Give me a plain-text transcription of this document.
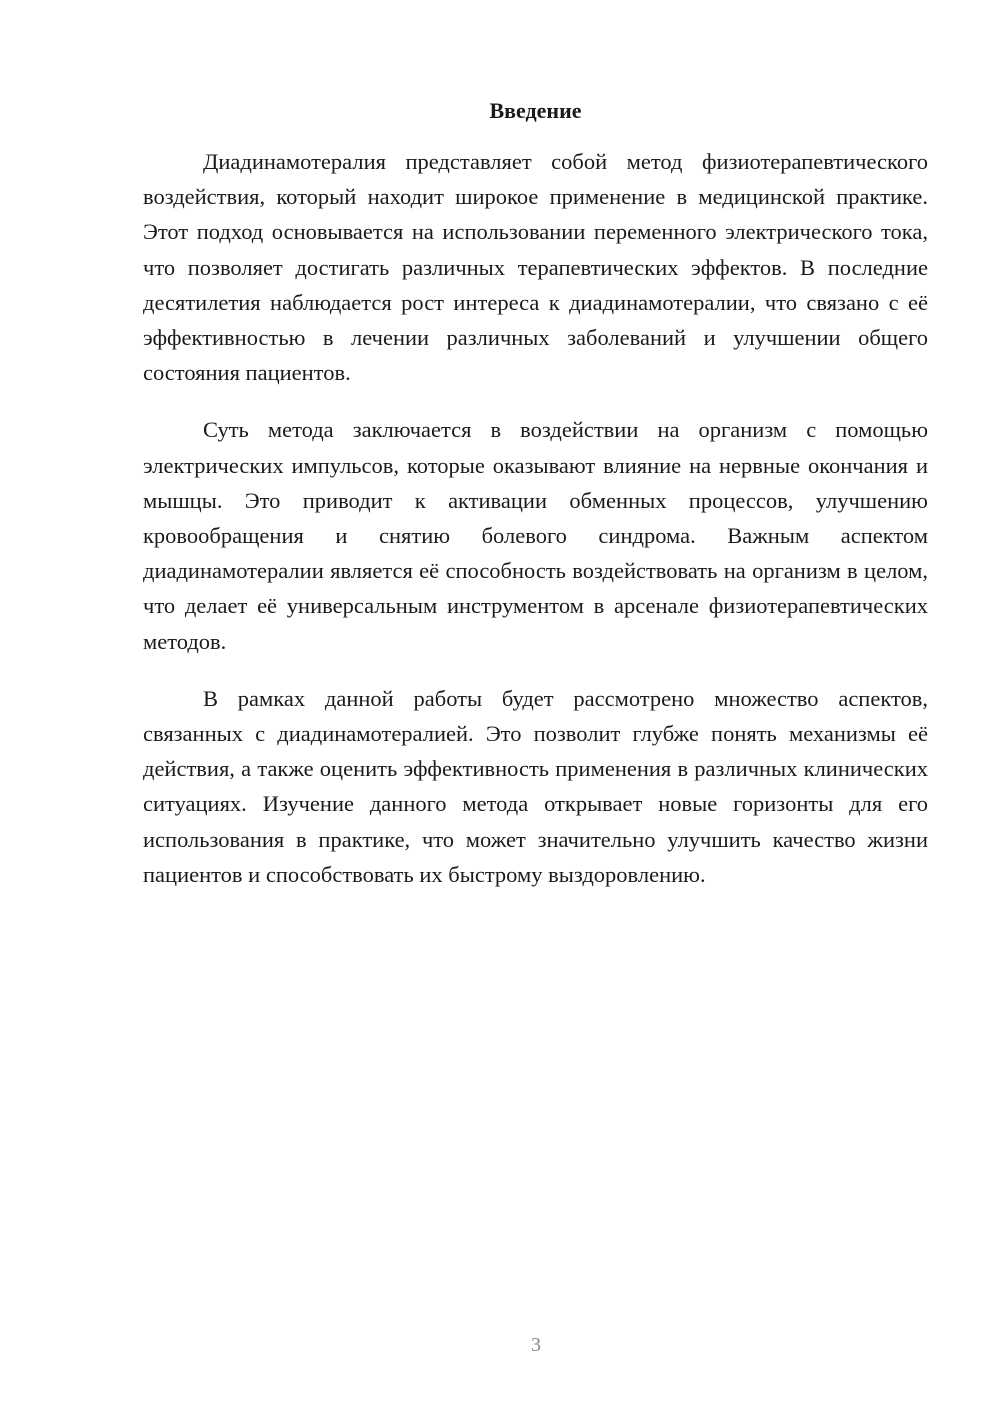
Введение

Диадинамотералия представляет собой метод физиотерапевтического воздействия, который находит широкое применение в медицинской практике. Этот подход основывается на использовании переменного электрического тока, что позволяет достигать различных терапевтических эффектов. В последние десятилетия наблюдается рост интереса к диадинамотералии, что связано с её эффективностью в лечении различных заболеваний и улучшении общего состояния пациентов.

Суть метода заключается в воздействии на организм с помощью электрических импульсов, которые оказывают влияние на нервные окончания и мышцы. Это приводит к активации обменных процессов, улучшению кровообращения и снятию болевого синдрома. Важным аспектом диадинамотералии является её способность воздействовать на организм в целом, что делает её универсальным инструментом в арсенале физиотерапевтических методов.

В рамках данной работы будет рассмотрено множество аспектов, связанных с диадинамотералией. Это позволит глубже понять механизмы её действия, а также оценить эффективность применения в различных клинических ситуациях. Изучение данного метода открывает новые горизонты для его использования в практике, что может значительно улучшить качество жизни пациентов и способствовать их быстрому выздоровлению.

3
